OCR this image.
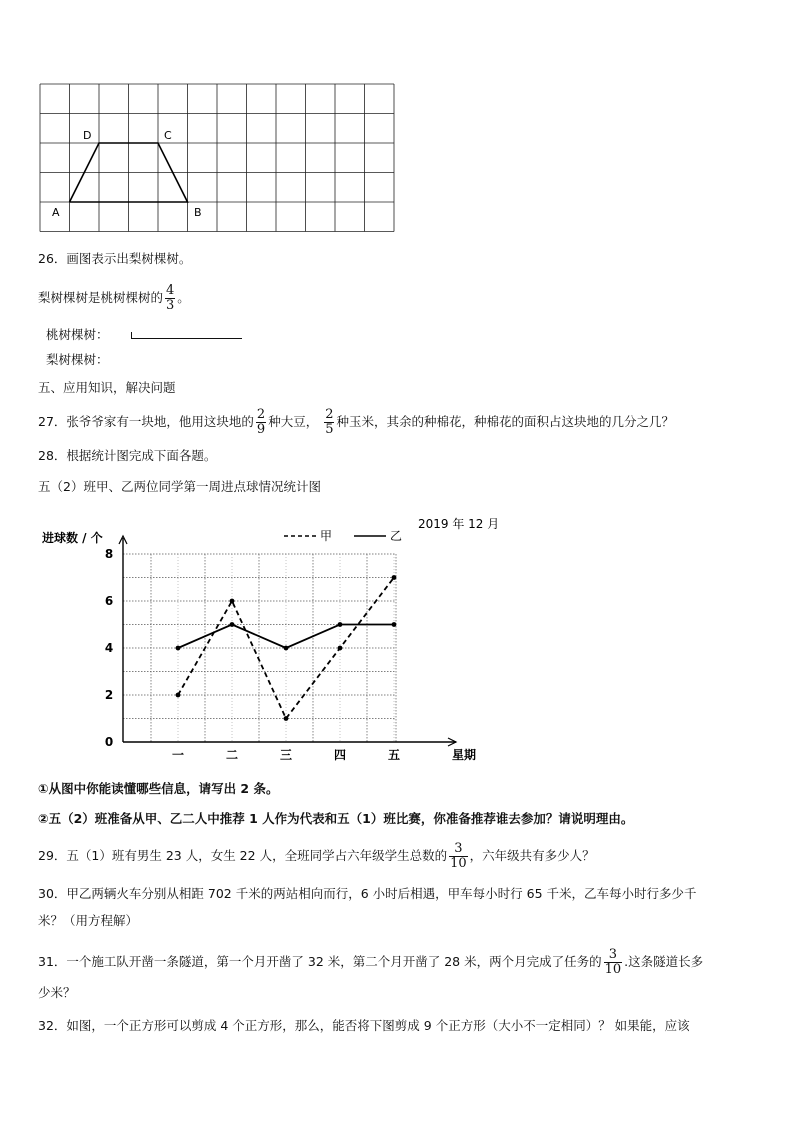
A	B
C
D
26．画图表示出梨树棵树。
梨树棵树是桃树棵树的 $\frac{4}{3}$ 。
桃树棵树：
梨树棵树：
五、应用知识，解决问题
27．张爷爷家有一块地，他用这块地的 $\frac{2}{9}$ 种大豆， $\frac{2}{5}$ 种玉米，其余的种棉花，种棉花的面积占这块地的几分之几？
28．根据统计图完成下面各题。
五（2）班甲、乙两位同学第一周进点球情况统计图
0
2
4
6
8
一	二	三	四	五
进球数 / 个
星期
2019 年 12 月
甲	乙
①从图中你能读懂哪些信息，请写出 2 条。
②五（2）班准备从甲、乙二人中推荐 1 人作为代表和五（1）班比赛，你准备推荐谁去参加？请说明理由。
29．五（1）班有男生 23 人，女生 22 人，全班同学占六年级学生总数的 $\frac{3}{10}$ ，六年级共有多少人？
30．甲乙两辆火车分别从相距 702 千米的两站相向而行，6 小时后相遇，甲车每小时行 65 千米，乙车每小时行多少千
米？（用方程解）
31．一个施工队开凿一条隧道，第一个月开凿了 32 米，第二个月开凿了 28 米，两个月完成了任务的 $\frac{3}{10}$ .这条隧道长多
少米？
32．如图，一个正方形可以剪成 4 个正方形，那么，能否将下图剪成 9 个正方形（大小不一定相同）？ 如果能，应该
